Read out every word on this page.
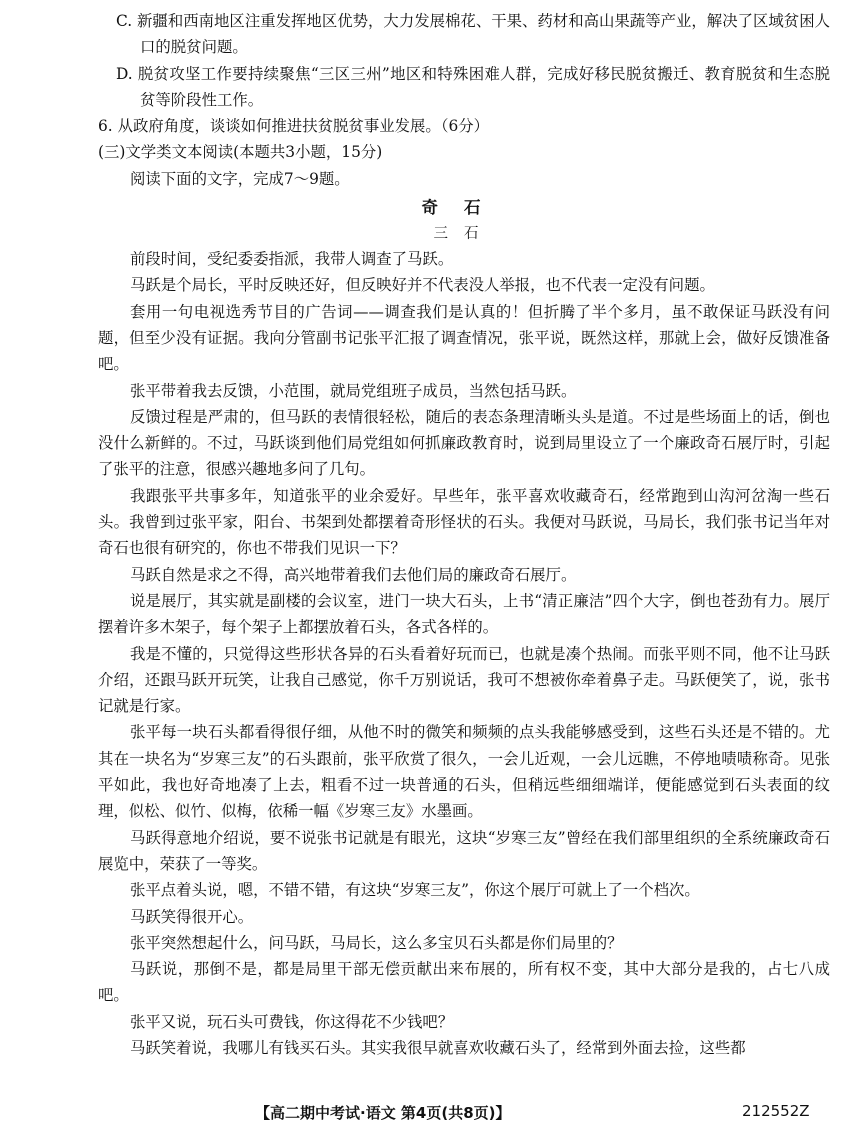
C. 新疆和西南地区注重发挥地区优势，大力发展棉花、干果、药材和高山果蔬等产业，解决了区域贫困人口的脱贫问题。

D. 脱贫攻坚工作要持续聚焦“三区三州”地区和特殊困难人群，完成好移民脱贫搬迁、教育脱贫和生态脱贫等阶段性工作。

6. 从政府角度，谈谈如何推进扶贫脱贫事业发展。（6分）

(三)文学类文本阅读(本题共3小题，15分)

阅读下面的文字，完成7～9题。

奇石

三石

前段时间，受纪委委指派，我带人调查了马跃。

马跃是个局长，平时反映还好，但反映好并不代表没人举报，也不代表一定没有问题。

套用一句电视选秀节目的广告词——调查我们是认真的！但折腾了半个多月，虽不敢保证马跃没有问题，但至少没有证据。我向分管副书记张平汇报了调查情况，张平说，既然这样，那就上会，做好反馈准备吧。

张平带着我去反馈，小范围，就局党组班子成员，当然包括马跃。

反馈过程是严肃的，但马跃的表情很轻松，随后的表态条理清晰头头是道。不过是些场面上的话，倒也没什么新鲜的。不过，马跃谈到他们局党组如何抓廉政教育时，说到局里设立了一个廉政奇石展厅时，引起了张平的注意，很感兴趣地多问了几句。

我跟张平共事多年，知道张平的业余爱好。早些年，张平喜欢收藏奇石，经常跑到山沟河岔淘一些石头。我曾到过张平家，阳台、书架到处都摆着奇形怪状的石头。我便对马跃说，马局长，我们张书记当年对奇石也很有研究的，你也不带我们见识一下？

马跃自然是求之不得，高兴地带着我们去他们局的廉政奇石展厅。

说是展厅，其实就是副楼的会议室，进门一块大石头，上书“清正廉洁”四个大字，倒也苍劲有力。展厅摆着许多木架子，每个架子上都摆放着石头，各式各样的。

我是不懂的，只觉得这些形状各异的石头看着好玩而已，也就是凑个热闹。而张平则不同，他不让马跃介绍，还跟马跃开玩笑，让我自己感觉，你千万别说话，我可不想被你牵着鼻子走。马跃便笑了，说，张书记就是行家。

张平每一块石头都看得很仔细，从他不时的微笑和频频的点头我能够感受到，这些石头还是不错的。尤其在一块名为“岁寒三友”的石头跟前，张平欣赏了很久，一会儿近观，一会儿远瞧，不停地啧啧称奇。见张平如此，我也好奇地凑了上去，粗看不过一块普通的石头，但稍远些细细端详，便能感觉到石头表面的纹理，似松、似竹、似梅，依稀一幅《岁寒三友》水墨画。

马跃得意地介绍说，要不说张书记就是有眼光，这块“岁寒三友”曾经在我们部里组织的全系统廉政奇石展览中，荣获了一等奖。

张平点着头说，嗯，不错不错，有这块“岁寒三友”，你这个展厅可就上了一个档次。

马跃笑得很开心。

张平突然想起什么，问马跃，马局长，这么多宝贝石头都是你们局里的？

马跃说，那倒不是，都是局里干部无偿贡献出来布展的，所有权不变，其中大部分是我的，占七八成吧。

张平又说，玩石头可费钱，你这得花不少钱吧？

马跃笑着说，我哪儿有钱买石头。其实我很早就喜欢收藏石头了，经常到外面去捡，这些都

【高二期中考试·语文 第4页(共8页)】	212552Z
